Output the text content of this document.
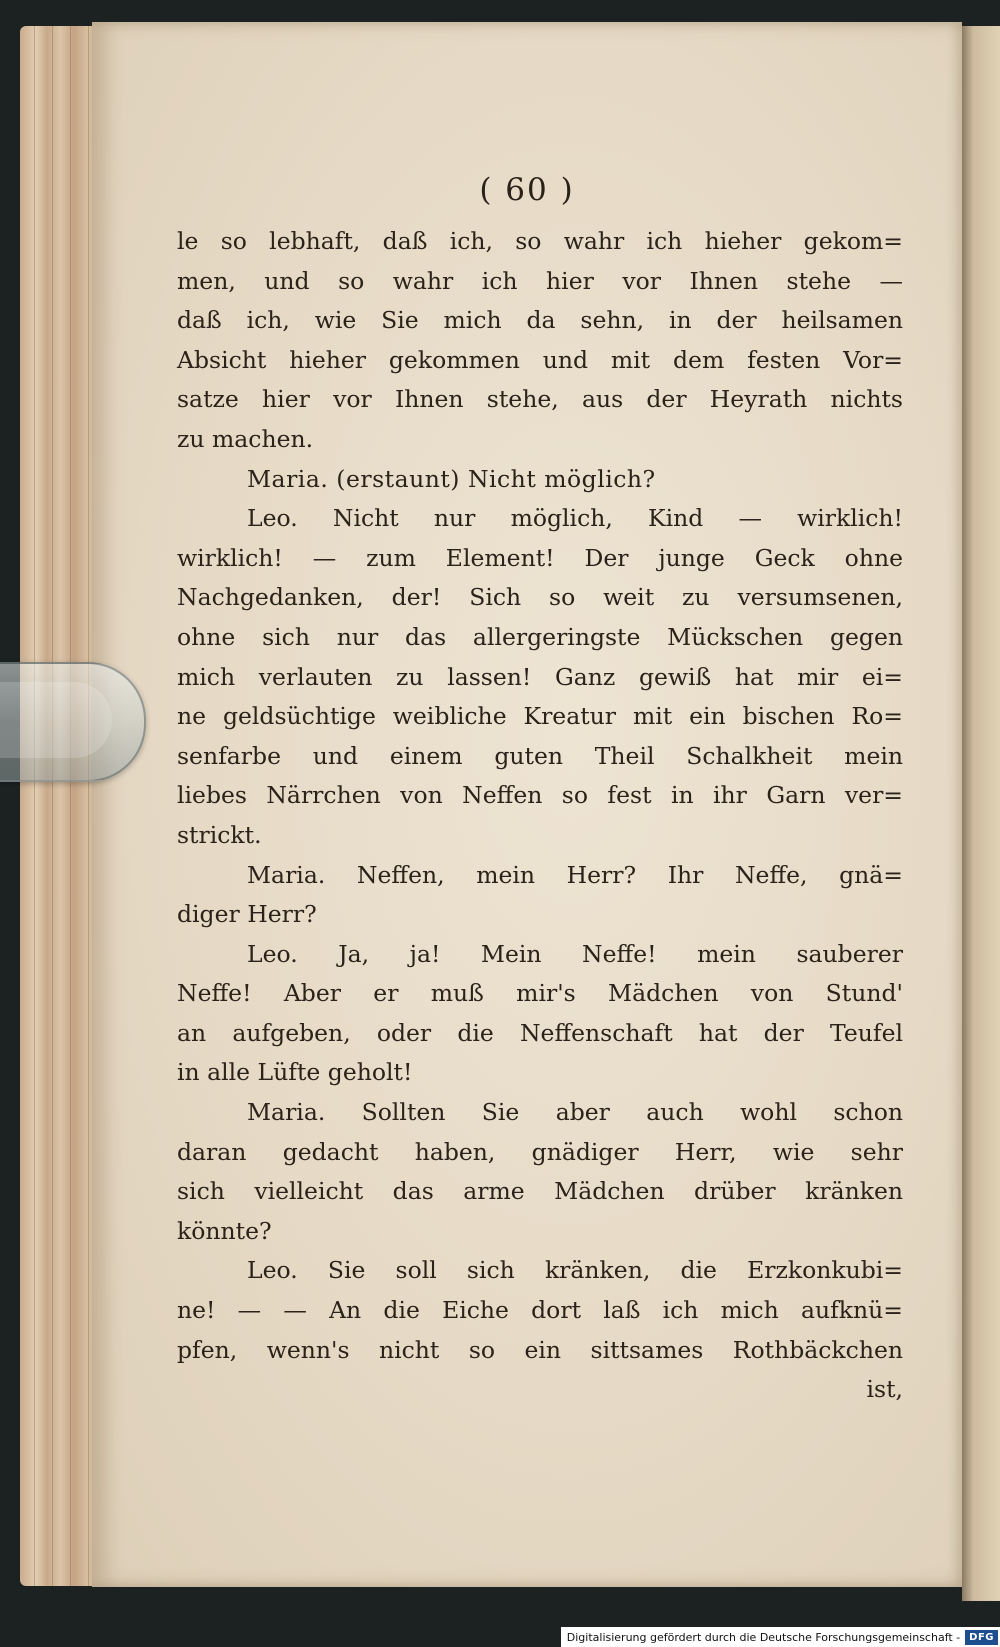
( 60 )
le so lebhaft, daß ich, so wahr ich hieher gekom=
men, und so wahr ich hier vor Ihnen stehe —
daß ich, wie Sie mich da sehn, in der heilsamen
Absicht hieher gekommen und mit dem festen Vor=
satze hier vor Ihnen stehe, aus der Heyrath nichts
zu machen.
Maria. (erstaunt) Nicht möglich?
Leo. Nicht nur möglich, Kind — wirklich!
wirklich! — zum Element! Der junge Geck ohne
Nachgedanken, der! Sich so weit zu versumsenen,
ohne sich nur das allergeringste Mückschen gegen
mich verlauten zu lassen! Ganz gewiß hat mir ei=
ne geldsüchtige weibliche Kreatur mit ein bischen Ro=
senfarbe und einem guten Theil Schalkheit mein
liebes Närrchen von Neffen so fest in ihr Garn ver=
strickt.
Maria. Neffen, mein Herr? Ihr Neffe, gnä=
diger Herr?
Leo. Ja, ja! Mein Neffe! mein sauberer
Neffe! Aber er muß mir's Mädchen von Stund'
an aufgeben, oder die Neffenschaft hat der Teufel
in alle Lüfte geholt!
Maria. Sollten Sie aber auch wohl schon
daran gedacht haben, gnädiger Herr, wie sehr
sich vielleicht das arme Mädchen drüber kränken
könnte?
Leo. Sie soll sich kränken, die Erzkonkubi=
ne! — — An die Eiche dort laß ich mich aufknü=
pfen, wenn's nicht so ein sittsames Rothbäckchen
ist,
Digitalisierung gefördert durch die Deutsche Forschungsgemeinschaft - DFG
